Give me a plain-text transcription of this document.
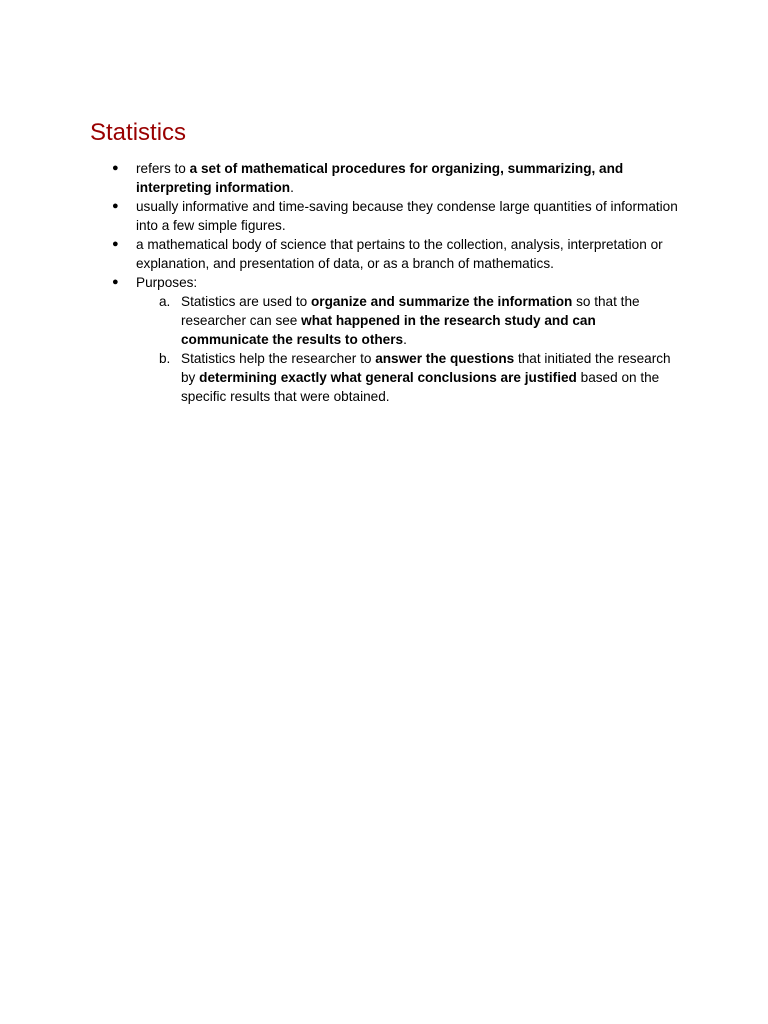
Statistics
● refers to a set of mathematical procedures for organizing, summarizing, and interpreting information.
● usually informative and time-saving because they condense large quantities of information into a few simple figures.
● a mathematical body of science that pertains to the collection, analysis, interpretation or explanation, and presentation of data, or as a branch of mathematics.
● Purposes:
a. Statistics are used to organize and summarize the information so that the researcher can see what happened in the research study and can communicate the results to others.
b. Statistics help the researcher to answer the questions that initiated the research by determining exactly what general conclusions are justified based on the specific results that were obtained.
